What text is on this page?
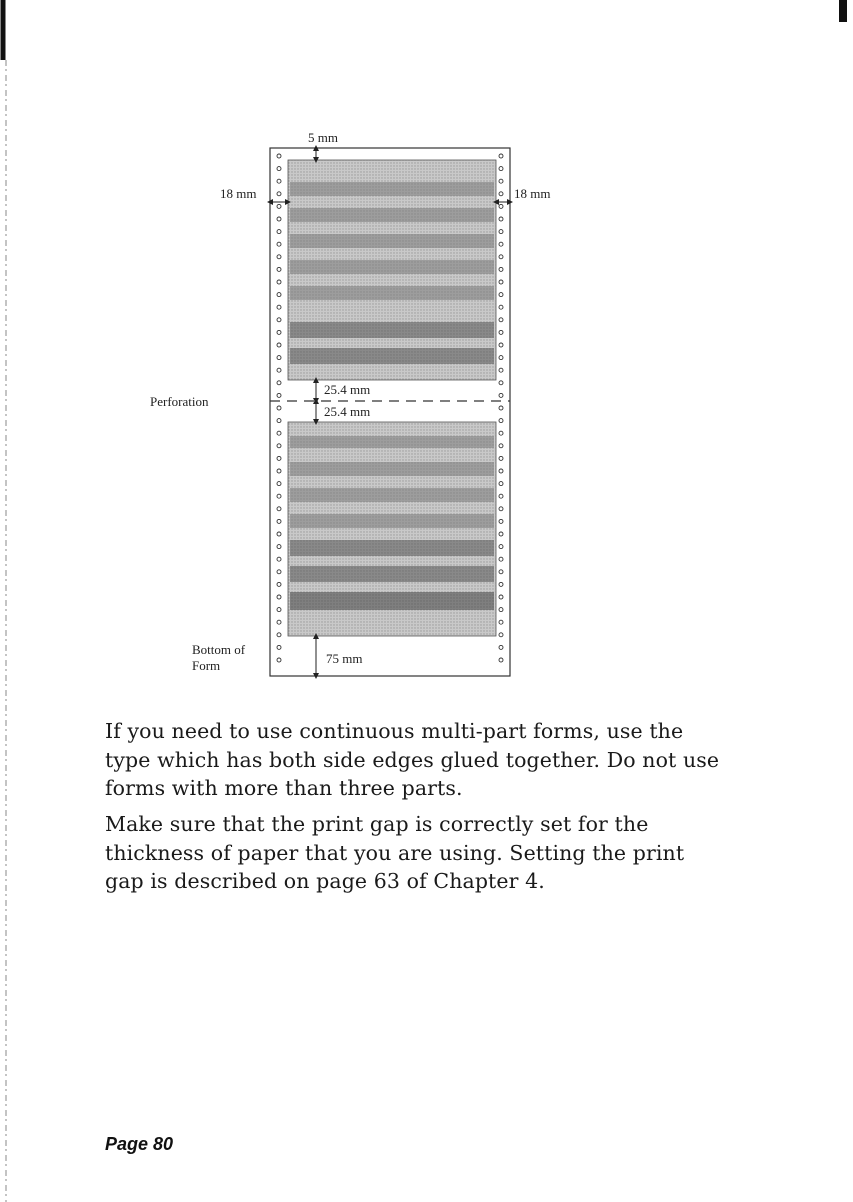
5 mm
18 mm	18 mm
25.4 mm
25.4 mm
Perforation
Bottom of
Form	75 mm

If you need to use continuous multi-part forms, use the type which has both side edges glued together. Do not use forms with more than three parts.

Make sure that the print gap is correctly set for the thickness of paper that you are using. Setting the print gap is described on page 63 of Chapter 4.

Page 80
